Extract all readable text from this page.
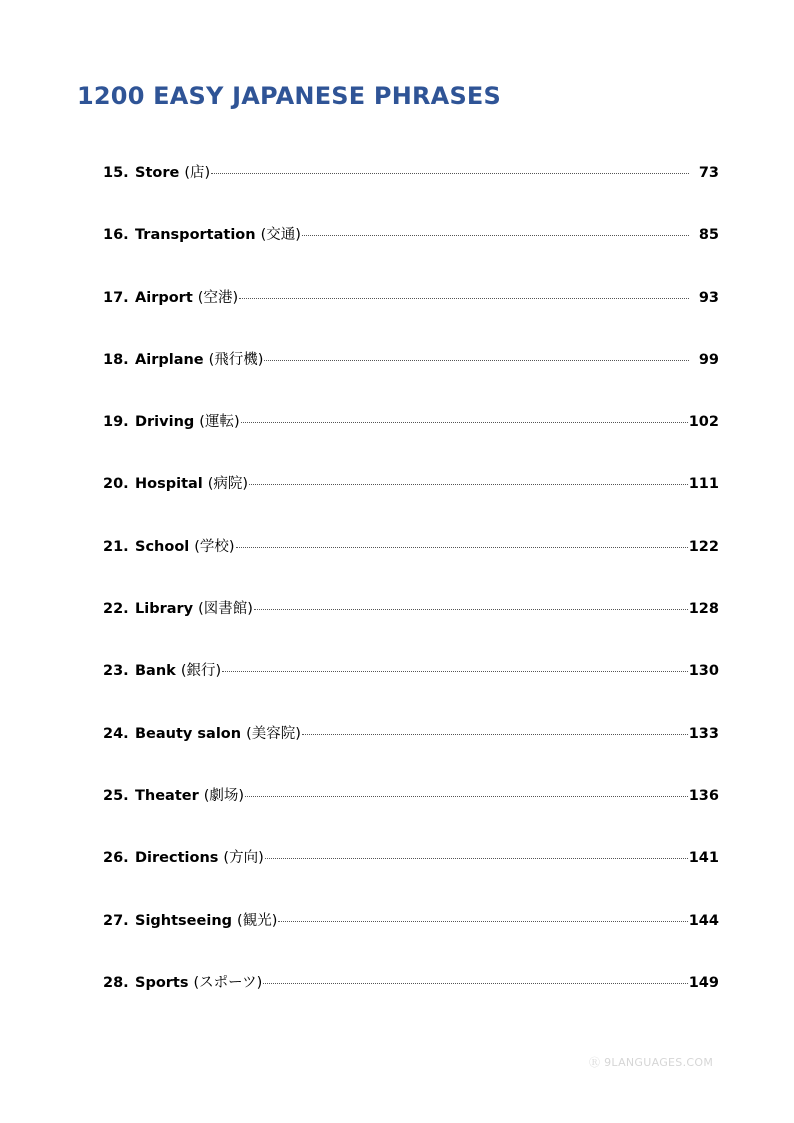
1200 EASY JAPANESE PHRASES
15. Store (店)	73
16. Transportation (交通)	85
17. Airport (空港)	93
18. Airplane (飛行機)	99
19. Driving (運転)	102
20. Hospital (病院)	111
21. School (学校)	122
22. Library (図書館)	128
23. Bank (銀行)	130
24. Beauty salon (美容院)	133
25. Theater (劇场)	136
26. Directions (方向)	141
27. Sightseeing (観光)	144
28. Sports (スポーツ)	149
Ⓡ 9LANGUAGES.COM
